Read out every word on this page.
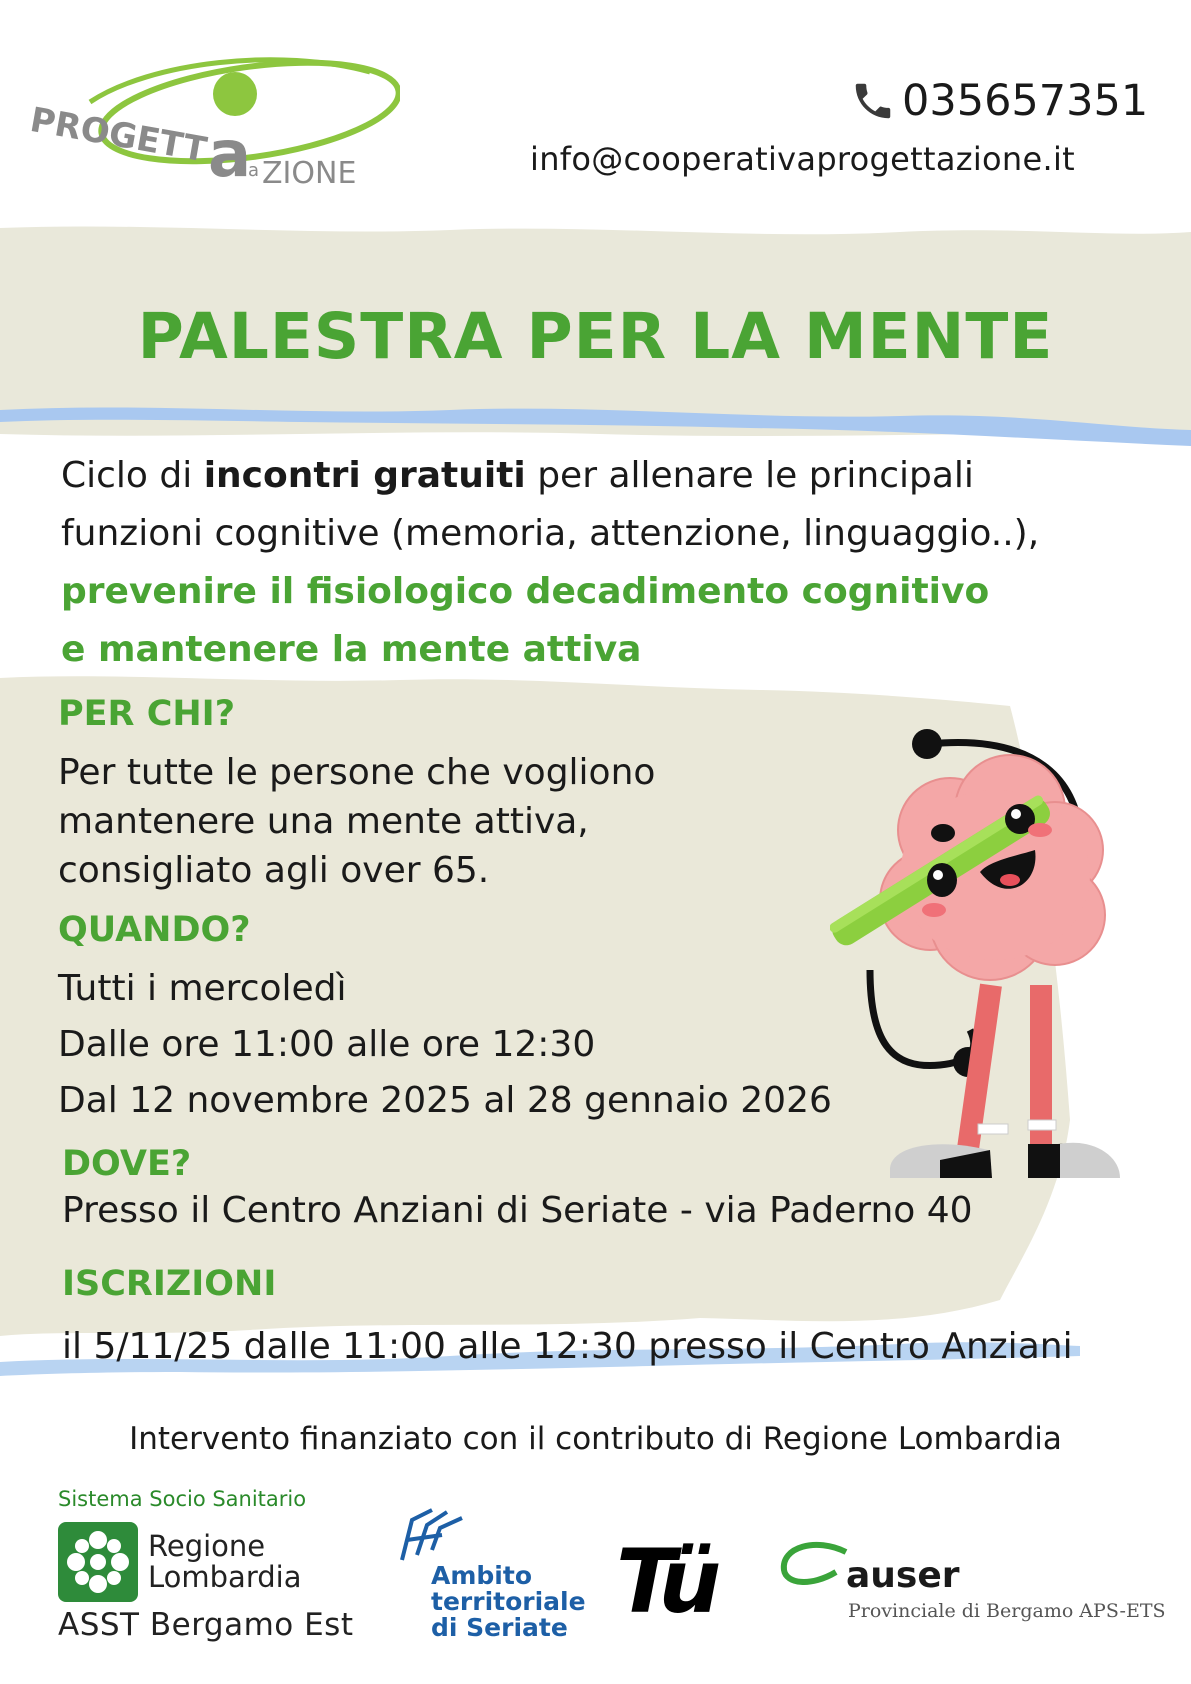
PROGETT
a
a ZIONE
035657351
info@cooperativaprogettazione.it
PALESTRA PER LA MENTE
Ciclo di incontri gratuiti per allenare le principali
funzioni cognitive (memoria, attenzione, linguaggio..),
prevenire il fisiologico decadimento cognitivo
e mantenere la mente attiva
PER CHI?
Per tutte le persone che vogliono
mantenere una mente attiva,
consigliato agli over 65.
QUANDO?
Tutti i mercoledì
Dalle ore 11:00 alle ore 12:30
Dal 12 novembre 2025 al 28 gennaio 2026
DOVE?
Presso il Centro Anziani di Seriate - via Paderno 40
ISCRIZIONI
il 5/11/25 dalle 11:00 alle 12:30 presso il Centro Anziani
Intervento finanziato con il contributo di Regione Lombardia
Sistema Socio Sanitario
Regione
Lombardia
ASST Bergamo Est
Ambito
territoriale
di Seriate Tü	auser
Provinciale di Bergamo APS-ETS
